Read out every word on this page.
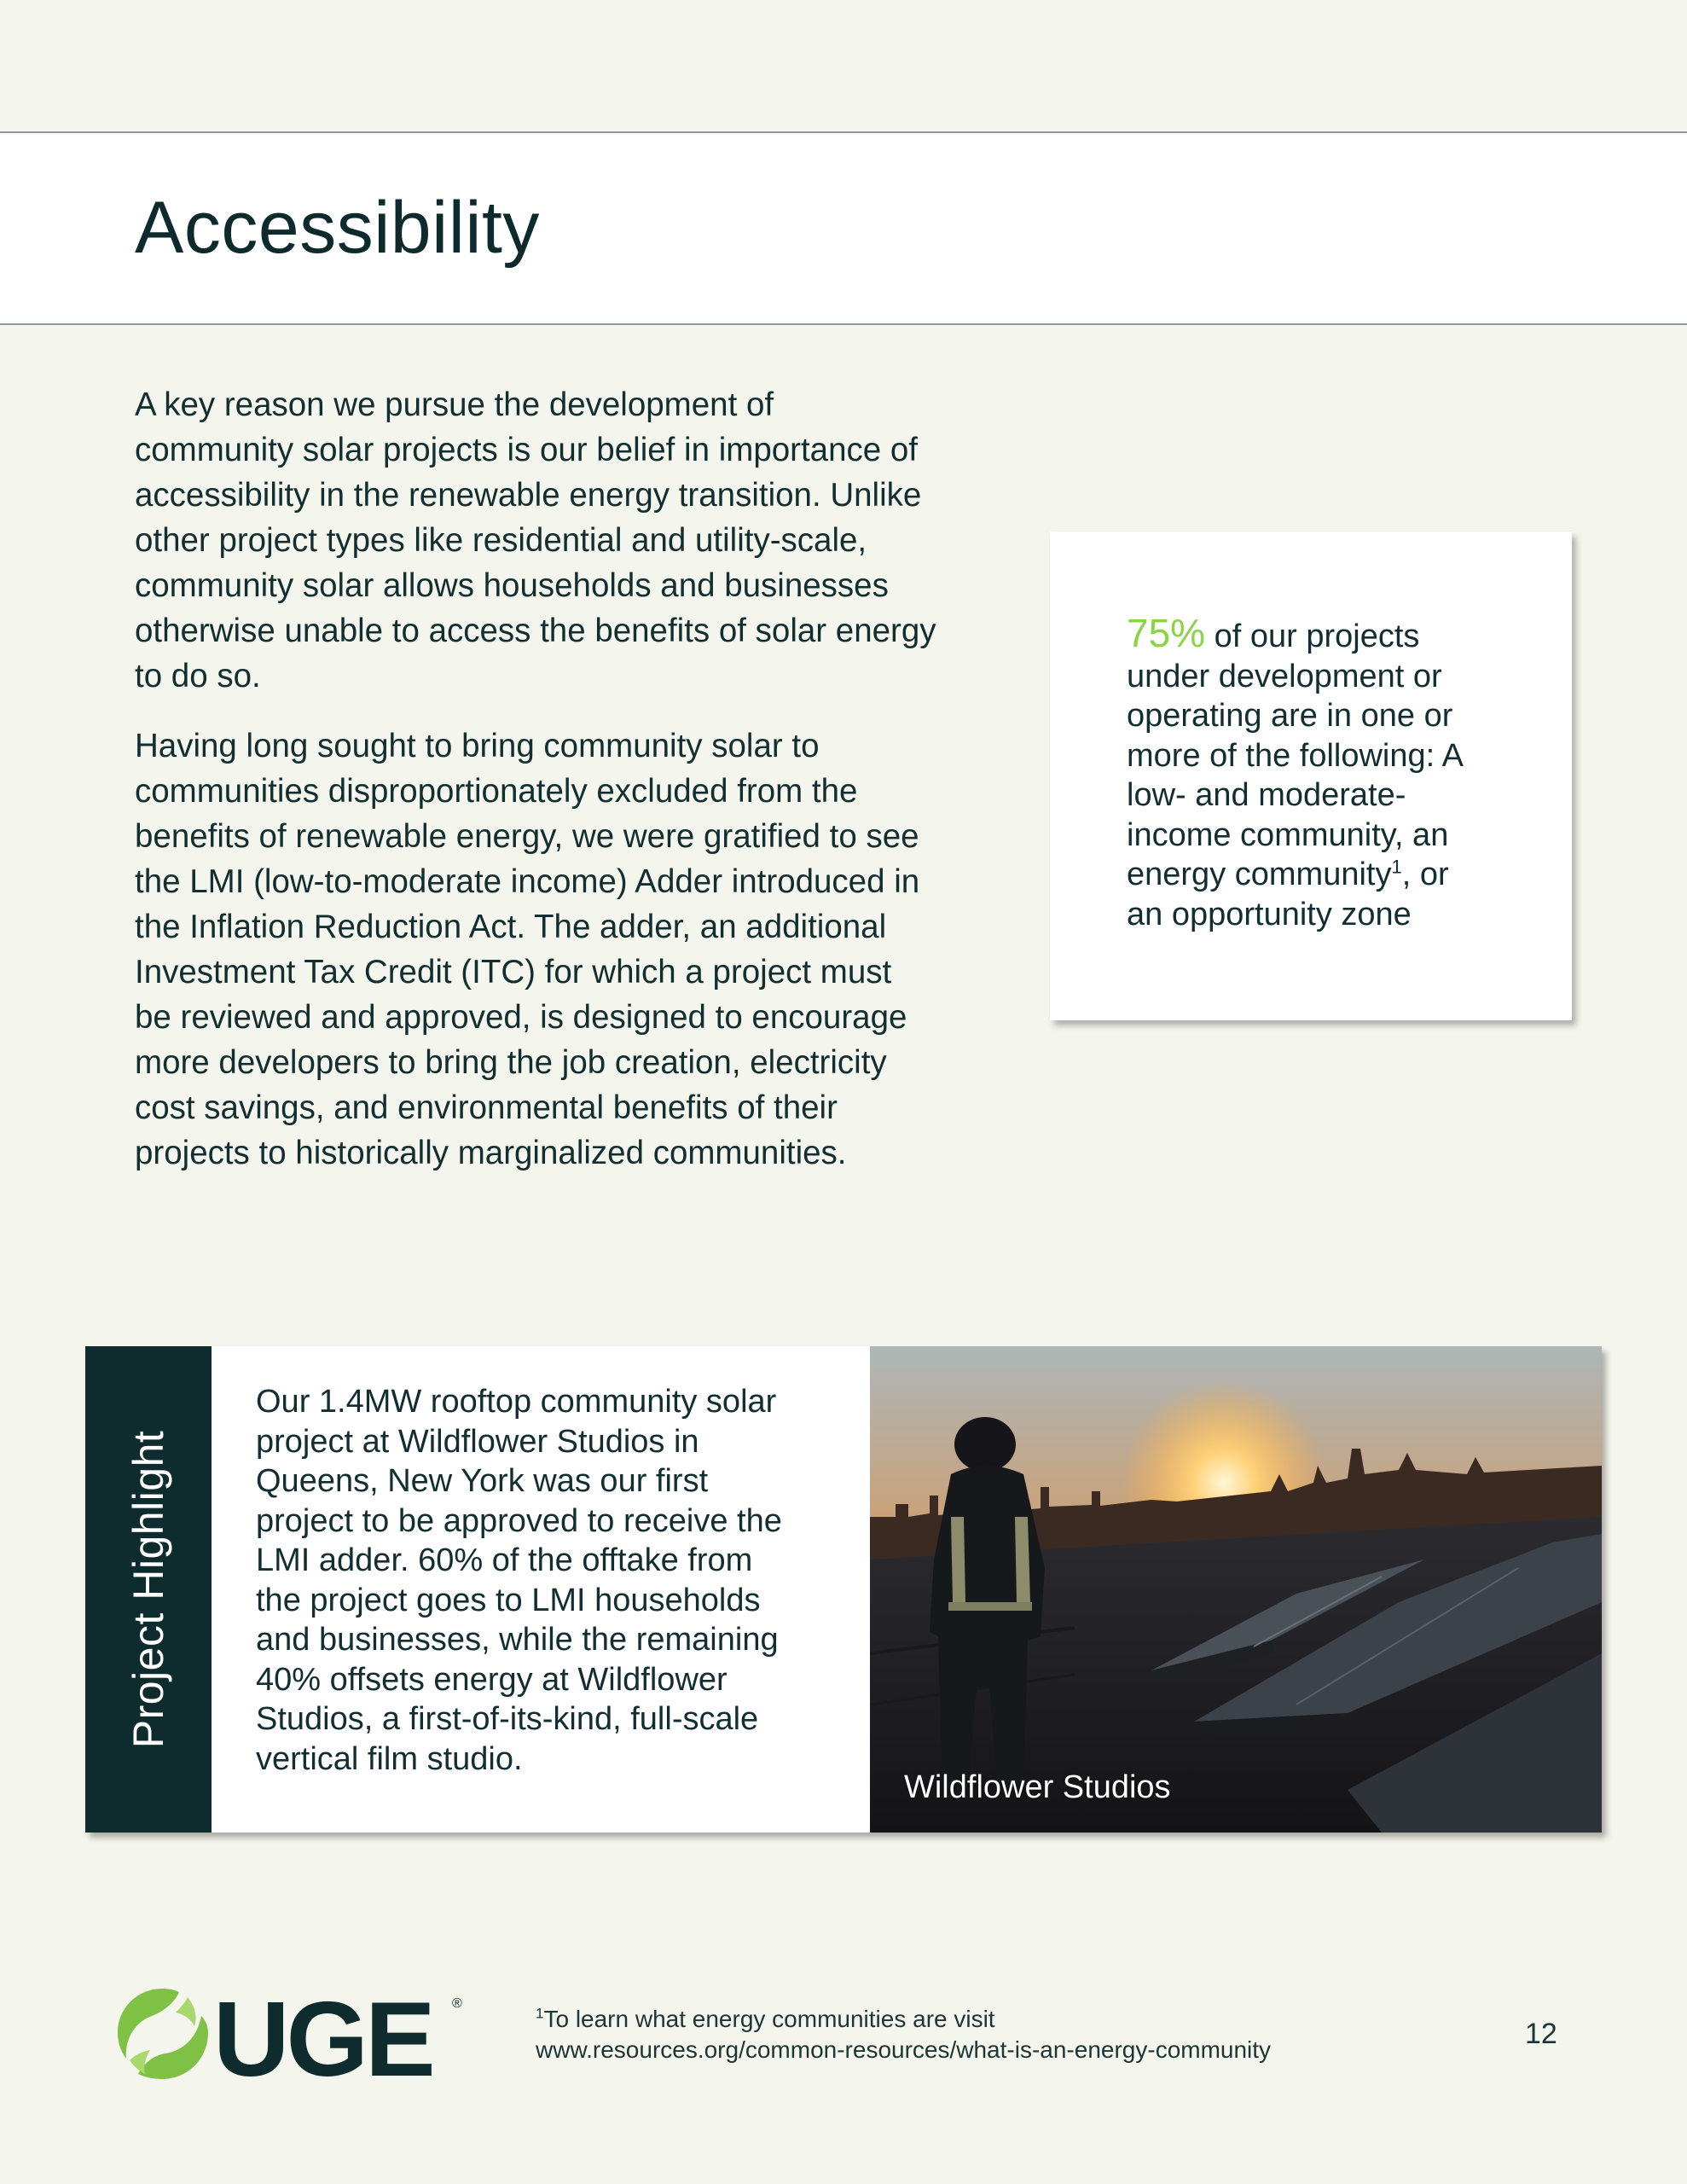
Accessibility

A key reason we pursue the development of community solar projects is our belief in importance of accessibility in the renewable energy transition. Unlike other project types like residential and utility-scale, community solar allows households and businesses otherwise unable to access the benefits of solar energy to do so.

Having long sought to bring community solar to communities disproportionately excluded from the benefits of renewable energy, we were gratified to see the LMI (low-to-moderate income) Adder introduced in the Inflation Reduction Act. The adder, an additional Investment Tax Credit (ITC) for which a project must be reviewed and approved, is designed to encourage more developers to bring the job creation, electricity cost savings, and environmental benefits of their projects to historically marginalized communities.

75% of our projects under development or operating are in one or more of the following: A low- and moderate-income community, an energy community$^1$, or an opportunity zone
Project Highlight
Our 1.4MW rooftop community solar project at Wildflower Studios in Queens, New York was our first project to be approved to receive the LMI adder. 60% of the offtake from the project goes to LMI households and businesses, while the remaining 40% offsets energy at Wildflower Studios, a first-of-its-kind, full-scale vertical film studio.
Wildflower Studios
UGE ®
$^1$To learn what energy communities are visit
www.resources.org/common-resources/what-is-an-energy-community	12
